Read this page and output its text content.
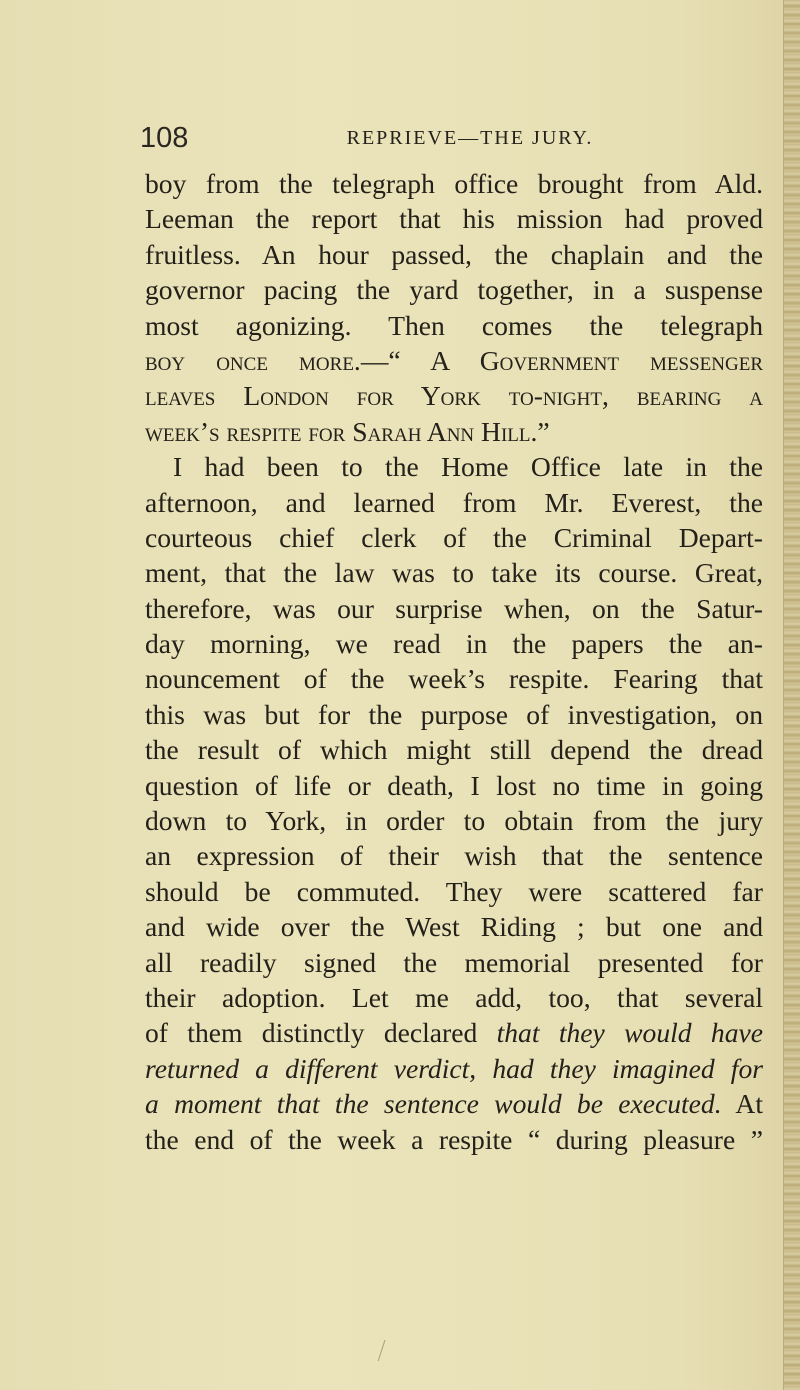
108	REPRIEVE—THE JURY.
boy from the telegraph office brought from Ald.
Leeman the report that his mission had proved
fruitless. An hour passed, the chaplain and the
governor pacing the yard together, in a suspense
most agonizing. Then comes the telegraph
boy once more.—“ A Government messenger
leaves London for York to-night, bearing a
week’s respite for Sarah Ann Hill.”
I had been to the Home Office late in the
afternoon, and learned from Mr. Everest, the
courteous chief clerk of the Criminal Depart-
ment, that the law was to take its course. Great,
therefore, was our surprise when, on the Satur-
day morning, we read in the papers the an-
nouncement of the week’s respite. Fearing that
this was but for the purpose of investigation, on
the result of which might still depend the dread
question of life or death, I lost no time in going
down to York, in order to obtain from the jury
an expression of their wish that the sentence
should be commuted. They were scattered far
and wide over the West Riding ; but one and
all readily signed the memorial presented for
their adoption. Let me add, too, that several
of them distinctly declared that they would have
returned a different verdict, had they imagined for
a moment that the sentence would be executed. At
the end of the week a respite “ during pleasure ”
